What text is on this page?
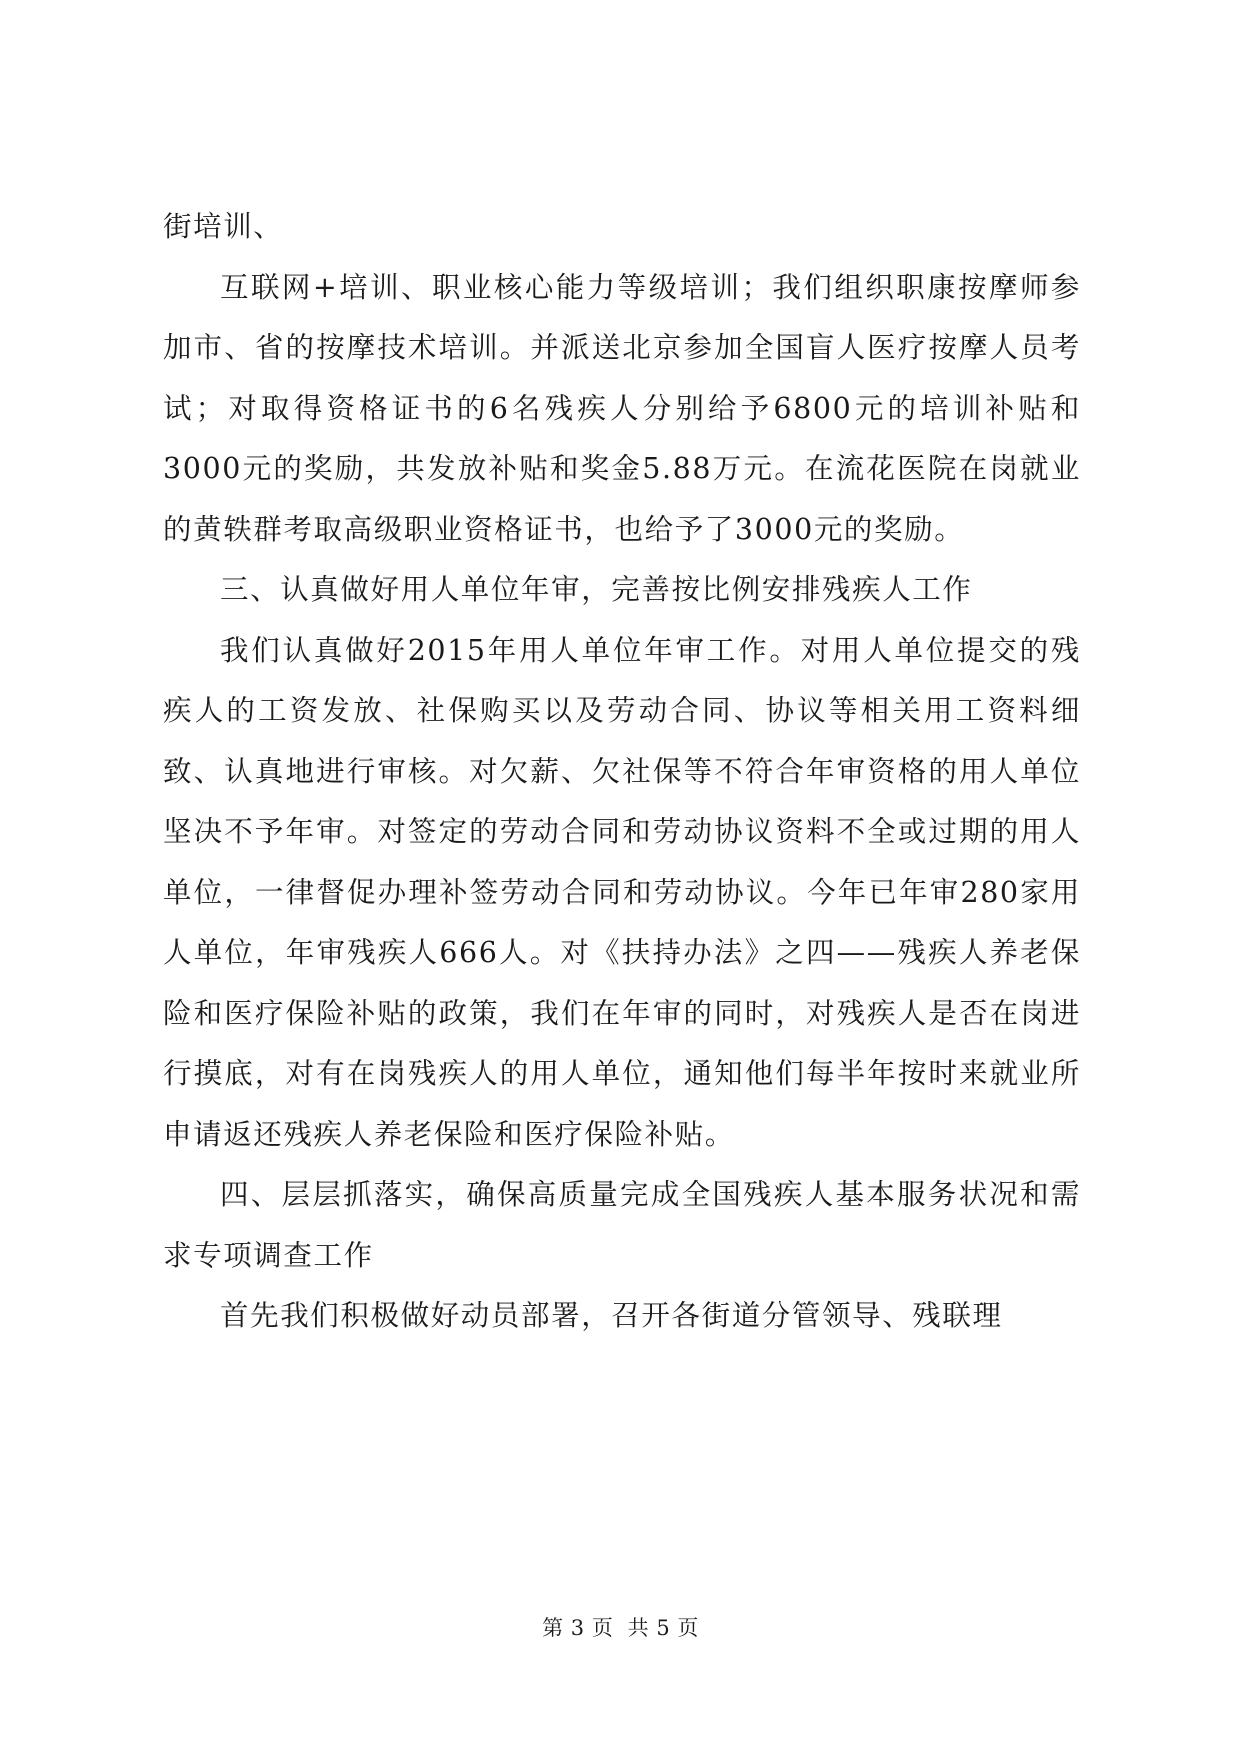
街培训、

互联网+培训、职业核心能力等级培训；我们组织职康按摩师参加市、省的按摩技术培训。并派送北京参加全国盲人医疗按摩人员考试；对取得资格证书的6名残疾人分别给予6800元的培训补贴和3000元的奖励，共发放补贴和奖金5.88万元。在流花医院在岗就业的黄轶群考取高级职业资格证书，也给予了3000元的奖励。

三、认真做好用人单位年审，完善按比例安排残疾人工作

我们认真做好2015年用人单位年审工作。对用人单位提交的残疾人的工资发放、社保购买以及劳动合同、协议等相关用工资料细致、认真地进行审核。对欠薪、欠社保等不符合年审资格的用人单位坚决不予年审。对签定的劳动合同和劳动协议资料不全或过期的用人单位，一律督促办理补签劳动合同和劳动协议。今年已年审280家用人单位，年审残疾人666人。对《扶持办法》之四——残疾人养老保险和医疗保险补贴的政策，我们在年审的同时，对残疾人是否在岗进行摸底，对有在岗残疾人的用人单位，通知他们每半年按时来就业所申请返还残疾人养老保险和医疗保险补贴。

四、层层抓落实，确保高质量完成全国残疾人基本服务状况和需求专项调查工作

首先我们积极做好动员部署，召开各街道分管领导、残联理

第 3 页  共 5 页
